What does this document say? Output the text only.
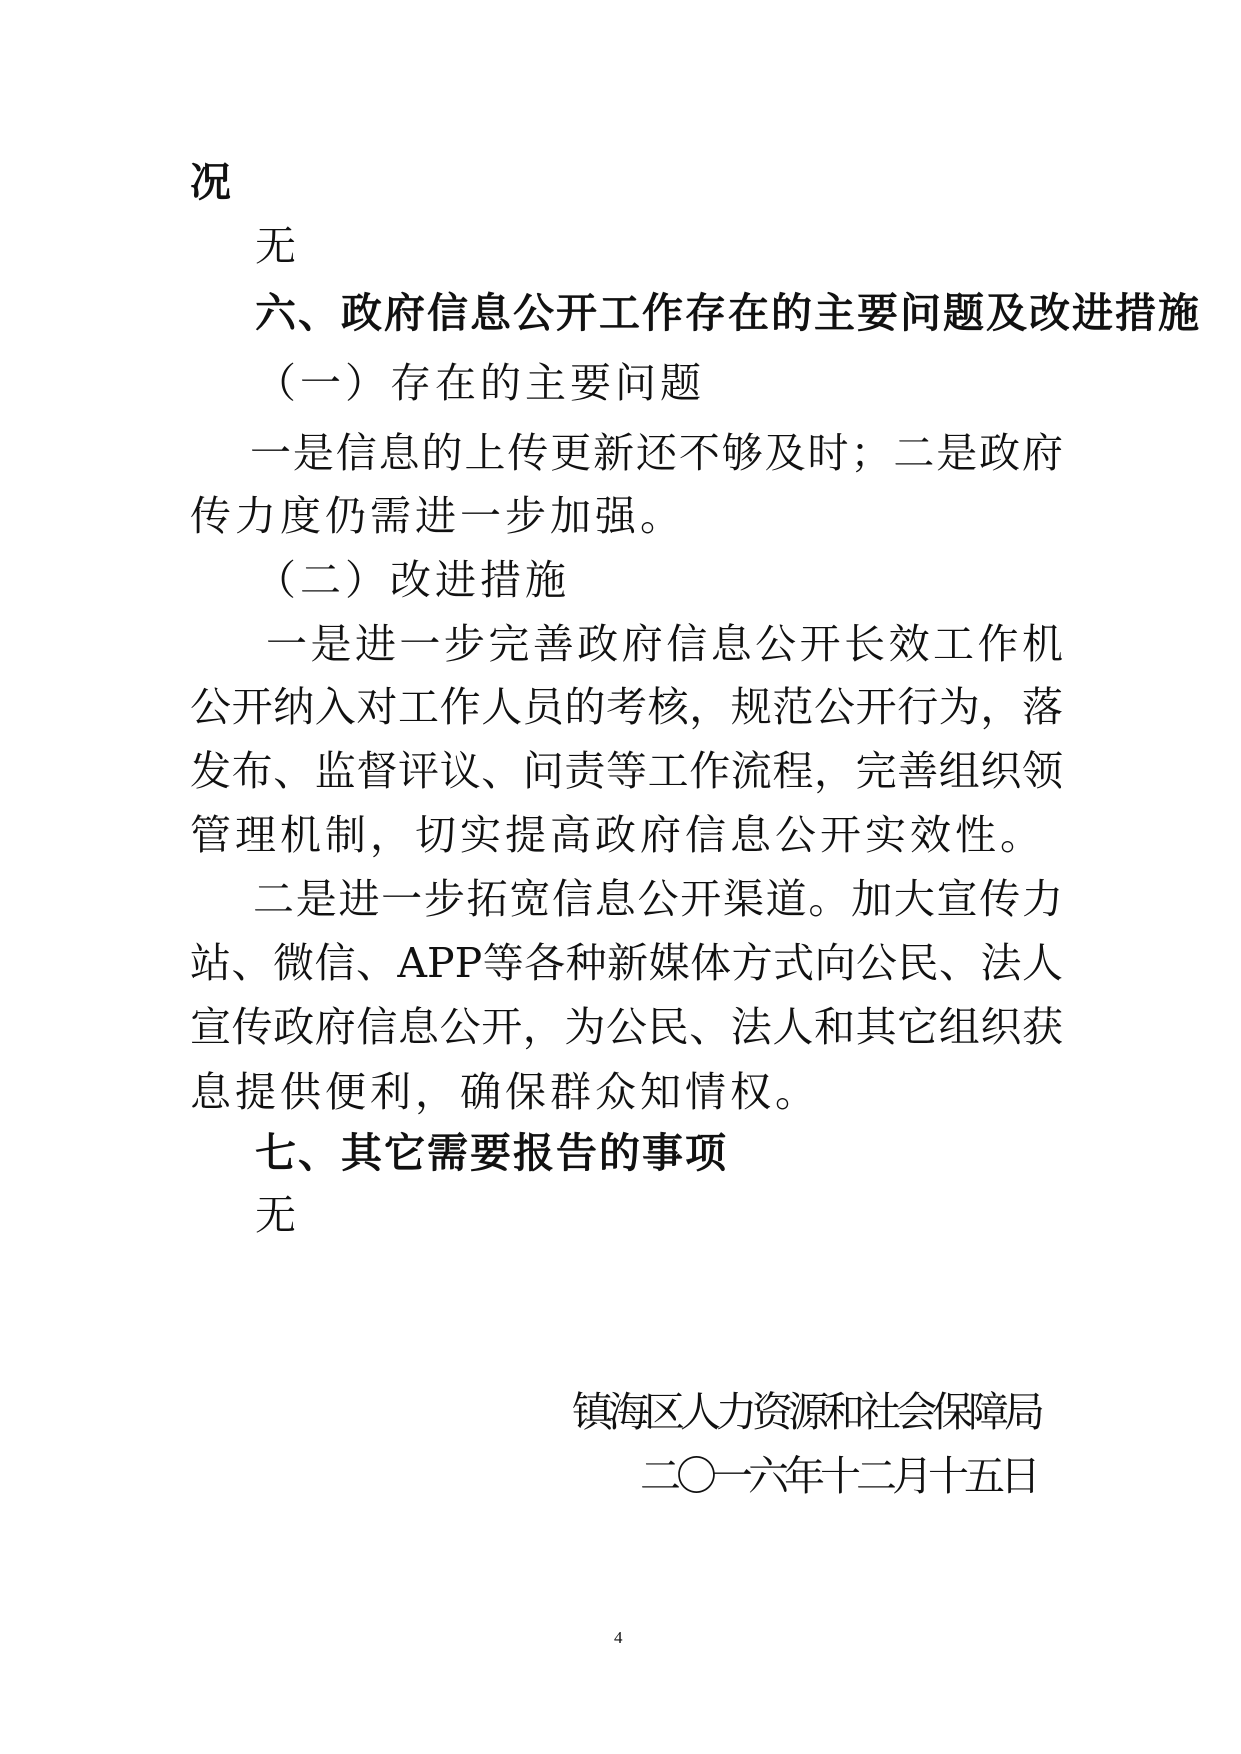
况
无
六、政府信息公开工作存在的主要问题及改进措施
（一）存在的主要问题
一是信息的上传更新还不够及时；二是政府
传力度仍需进一步加强。
（二）改进措施
一是进一步完善政府信息公开长效工作机
公开纳入对工作人员的考核，规范公开行为，落
发布、监督评议、问责等工作流程，完善组织领
管理机制，切实提高政府信息公开实效性。
二是进一步拓宽信息公开渠道。加大宣传力
站、微信、APP等各种新媒体方式向公民、法人
宣传政府信息公开，为公民、法人和其它组织获
息提供便利，确保群众知情权。
七、其它需要报告的事项
无
镇海区人力资源和社会保障局
二〇一六年十二月十五日
4
